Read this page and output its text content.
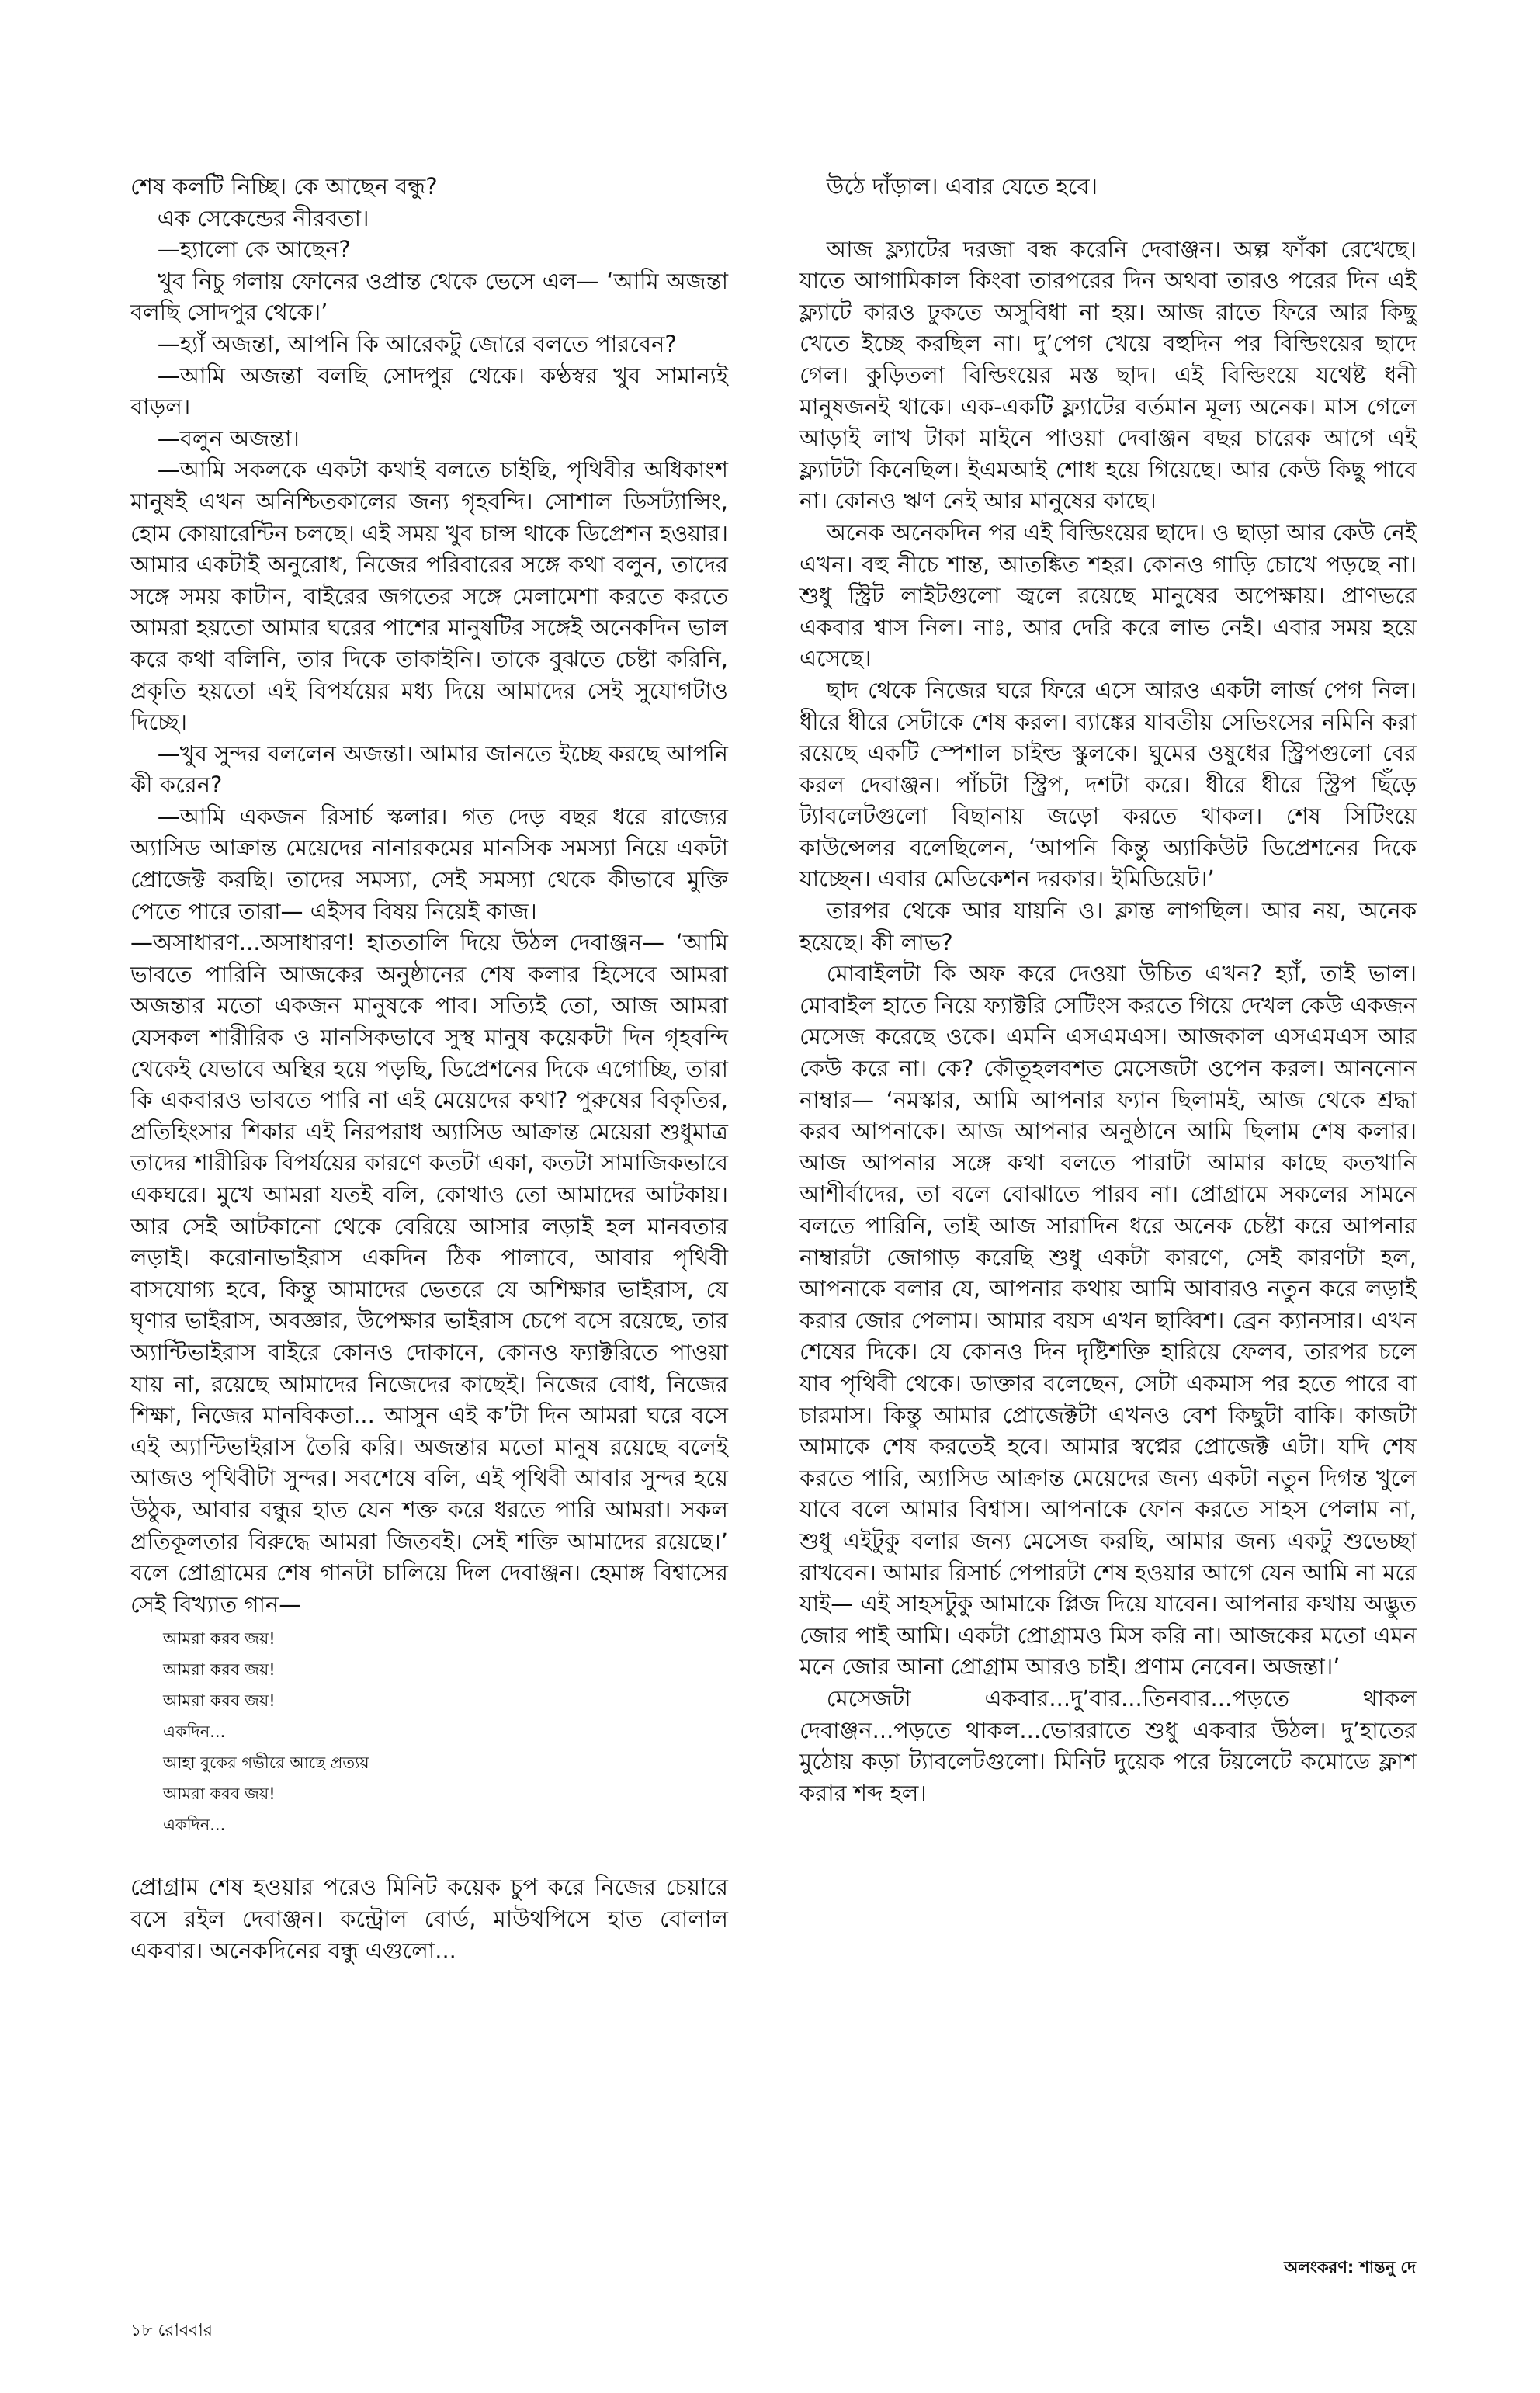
শেষ কলটি নিচ্ছি। কে আছেন বন্ধু?

এক সেকেন্ডের নীরবতা।

—হ্যালো কে আছেন?

খুব নিচু গলায় ফোনের ওপ্রান্ত থেকে ভেসে এল— ‘আমি অজন্তা বলছি সোদপুর থেকে।’

—হ্যাঁ অজন্তা, আপনি কি আরেকটু জোরে বলতে পারবেন?

—আমি অজন্তা বলছি সোদপুর থেকে। কণ্ঠস্বর খুব সামান্যই বাড়ল।

—বলুন অজন্তা।

—আমি সকলকে একটা কথাই বলতে চাইছি, পৃথিবীর অধিকাংশ মানুষই এখন অনিশ্চিতকালের জন্য গৃহবন্দি। সোশাল ডিসট্যান্সিং, হোম কোয়ারেন্টিন চলছে। এই সময় খুব চান্স থাকে ডিপ্রেশন হওয়ার। আমার একটাই অনুরোধ, নিজের পরিবারের সঙ্গে কথা বলুন, তাদের সঙ্গে সময় কাটান, বাইরের জগতের সঙ্গে মেলামেশা করতে করতে আমরা হয়তো আমার ঘরের পাশের মানুষটির সঙ্গেই অনেকদিন ভাল করে কথা বলিনি, তার দিকে তাকাইনি। তাকে বুঝতে চেষ্টা করিনি, প্রকৃতি হয়তো এই বিপর্যয়ের মধ্য দিয়ে আমাদের সেই সুযোগটাও দিচ্ছে।

—খুব সুন্দর বললেন অজন্তা। আমার জানতে ইচ্ছে করছে আপনি কী করেন?

—আমি একজন রিসার্চ স্কলার। গত দেড় বছর ধরে রাজ্যের অ্যাসিড আক্রান্ত মেয়েদের নানারকমের মানসিক সমস্যা নিয়ে একটা প্রোজেক্ট করছি। তাদের সমস্যা, সেই সমস্যা থেকে কীভাবে মুক্তি পেতে পারে তারা— এইসব বিষয় নিয়েই কাজ।

—অসাধারণ...অসাধারণ! হাততালি দিয়ে উঠল দেবাঞ্জন— ‘আমি ভাবতে পারিনি আজকের অনুষ্ঠানের শেষ কলার হিসেবে আমরা অজন্তার মতো একজন মানুষকে পাব। সত্যিই তো, আজ আমরা যেসকল শারীরিক ও মানসিকভাবে সুস্থ মানুষ কয়েকটা দিন গৃহবন্দি থেকেই যেভাবে অস্থির হয়ে পড়ছি, ডিপ্রেশনের দিকে এগোচ্ছি, তারা কি একবারও ভাবতে পারি না এই মেয়েদের কথা? পুরুষের বিকৃতির, প্রতিহিংসার শিকার এই নিরপরাধ অ্যাসিড আক্রান্ত মেয়েরা শুধুমাত্র তাদের শারীরিক বিপর্যয়ের কারণে কতটা একা, কতটা সামাজিকভাবে একঘরে। মুখে আমরা যতই বলি, কোথাও তো আমাদের আটকায়। আর সেই আটকানো থেকে বেরিয়ে আসার লড়াই হল মানবতার লড়াই। করোনাভাইরাস একদিন ঠিক পালাবে, আবার পৃথিবী বাসযোগ্য হবে, কিন্তু আমাদের ভেতরে যে অশিক্ষার ভাইরাস, যে ঘৃণার ভাইরাস, অবজ্ঞার, উপেক্ষার ভাইরাস চেপে বসে রয়েছে, তার অ্যান্টিভাইরাস বাইরে কোনও দোকানে, কোনও ফ্যাক্টরিতে পাওয়া যায় না, রয়েছে আমাদের নিজেদের কাছেই। নিজের বোধ, নিজের শিক্ষা, নিজের মানবিকতা... আসুন এই ক’টা দিন আমরা ঘরে বসে এই অ্যান্টিভাইরাস তৈরি করি। অজন্তার মতো মানুষ রয়েছে বলেই আজও পৃথিবীটা সুন্দর। সবশেষে বলি, এই পৃথিবী আবার সুন্দর হয়ে উঠুক, আবার বন্ধুর হাত যেন শক্ত করে ধরতে পারি আমরা। সকল প্রতিকূলতার বিরুদ্ধে আমরা জিতবই। সেই শক্তি আমাদের রয়েছে।’ বলে প্রোগ্রামের শেষ গানটা চালিয়ে দিল দেবাঞ্জন। হেমাঙ্গ বিশ্বাসের সেই বিখ্যাত গান—

আমরা করব জয়!
আমরা করব জয়!
আমরা করব জয়!
একদিন...
আহা বুকের গভীরে আছে প্রত্যয়
আমরা করব জয়!
একদিন...

প্রোগ্রাম শেষ হওয়ার পরেও মিনিট কয়েক চুপ করে নিজের চেয়ারে বসে রইল দেবাঞ্জন। কন্ট্রোল বোর্ড, মাউথপিসে হাত বোলাল একবার। অনেকদিনের বন্ধু এগুলো...

উঠে দাঁড়াল। এবার যেতে হবে।

আজ ফ্ল্যাটের দরজা বন্ধ করেনি দেবাঞ্জন। অল্প ফাঁকা রেখেছে। যাতে আগামিকাল কিংবা তারপরের দিন অথবা তারও পরের দিন এই ফ্ল্যাটে কারও ঢুকতে অসুবিধা না হয়। আজ রাতে ফিরে আর কিছু খেতে ইচ্ছে করছিল না। দু’পেগ খেয়ে বহুদিন পর বিল্ডিংয়ের ছাদে গেল। কুড়িতলা বিল্ডিংয়ের মস্ত ছাদ। এই বিল্ডিংয়ে যথেষ্ট ধনী মানুষজনই থাকে। এক-একটি ফ্ল্যাটের বর্তমান মূল্য অনেক। মাস গেলে আড়াই লাখ টাকা মাইনে পাওয়া দেবাঞ্জন বছর চারেক আগে এই ফ্ল্যাটটা কিনেছিল। ইএমআই শোধ হয়ে গিয়েছে। আর কেউ কিছু পাবে না। কোনও ঋণ নেই আর মানুষের কাছে।

অনেক অনেকদিন পর এই বিল্ডিংয়ের ছাদে। ও ছাড়া আর কেউ নেই এখন। বহু নীচে শান্ত, আতঙ্কিত শহর। কোনও গাড়ি চোখে পড়ছে না। শুধু স্ট্রিট লাইটগুলো জ্বলে রয়েছে মানুষের অপেক্ষায়। প্রাণভরে একবার শ্বাস নিল। নাঃ, আর দেরি করে লাভ নেই। এবার সময় হয়ে এসেছে।

ছাদ থেকে নিজের ঘরে ফিরে এসে আরও একটা লার্জ পেগ নিল। ধীরে ধীরে সেটাকে শেষ করল। ব্যাঙ্কের যাবতীয় সেভিংসের নমিনি করা রয়েছে একটি স্পেশাল চাইল্ড স্কুলকে। ঘুমের ওষুধের স্ট্রিপগুলো বের করল দেবাঞ্জন। পাঁচটা স্ট্রিপ, দশটা করে। ধীরে ধীরে স্ট্রিপ ছিঁড়ে ট্যাবলেটগুলো বিছানায় জড়ো করতে থাকল। শেষ সিটিংয়ে কাউন্সেলর বলেছিলেন, ‘আপনি কিন্তু অ্যাকিউট ডিপ্রেশনের দিকে যাচ্ছেন। এবার মেডিকেশন দরকার। ইমিডিয়েট।’

তারপর থেকে আর যায়নি ও। ক্লান্ত লাগছিল। আর নয়, অনেক হয়েছে। কী লাভ?

মোবাইলটা কি অফ করে দেওয়া উচিত এখন? হ্যাঁ, তাই ভাল। মোবাইল হাতে নিয়ে ফ্যাক্টরি সেটিংস করতে গিয়ে দেখল কেউ একজন মেসেজ করেছে ওকে। এমনি এসএমএস। আজকাল এসএমএস আর কেউ করে না। কে? কৌতূহলবশত মেসেজটা ওপেন করল। আননোন নাম্বার— ‘নমস্কার, আমি আপনার ফ্যান ছিলামই, আজ থেকে শ্রদ্ধা করব আপনাকে। আজ আপনার অনুষ্ঠানে আমি ছিলাম শেষ কলার। আজ আপনার সঙ্গে কথা বলতে পারাটা আমার কাছে কতখানি আশীর্বাদের, তা বলে বোঝাতে পারব না। প্রোগ্রামে সকলের সামনে বলতে পারিনি, তাই আজ সারাদিন ধরে অনেক চেষ্টা করে আপনার নাম্বারটা জোগাড় করেছি শুধু একটা কারণে, সেই কারণটা হল, আপনাকে বলার যে, আপনার কথায় আমি আবারও নতুন করে লড়াই করার জোর পেলাম। আমার বয়স এখন ছাব্বিশ। ব্রেন ক্যানসার। এখন শেষের দিকে। যে কোনও দিন দৃষ্টিশক্তি হারিয়ে ফেলব, তারপর চলে যাব পৃথিবী থেকে। ডাক্তার বলেছেন, সেটা একমাস পর হতে পারে বা চারমাস। কিন্তু আমার প্রোজেক্টটা এখনও বেশ কিছুটা বাকি। কাজটা আমাকে শেষ করতেই হবে। আমার স্বপ্নের প্রোজেক্ট এটা। যদি শেষ করতে পারি, অ্যাসিড আক্রান্ত মেয়েদের জন্য একটা নতুন দিগন্ত খুলে যাবে বলে আমার বিশ্বাস। আপনাকে ফোন করতে সাহস পেলাম না, শুধু এইটুকু বলার জন্য মেসেজ করছি, আমার জন্য একটু শুভেচ্ছা রাখবেন। আমার রিসার্চ পেপারটা শেষ হওয়ার আগে যেন আমি না মরে যাই— এই সাহসটুকু আমাকে প্লিজ দিয়ে যাবেন। আপনার কথায় অদ্ভুত জোর পাই আমি। একটা প্রোগ্রামও মিস করি না। আজকের মতো এমন মনে জোর আনা প্রোগ্রাম আরও চাই। প্রণাম নেবেন। অজন্তা।’

মেসেজটা একবার...দু’বার...তিনবার...পড়তে থাকল দেবাঞ্জন...পড়তে থাকল...ভোররাতে শুধু একবার উঠল। দু’হাতের মুঠোয় কড়া ট্যাবলেটগুলো। মিনিট দুয়েক পরে টয়লেটে কমোডে ফ্লাশ করার শব্দ হল।

অলংকরণ: শান্তনু দে
১৮ রোববার
